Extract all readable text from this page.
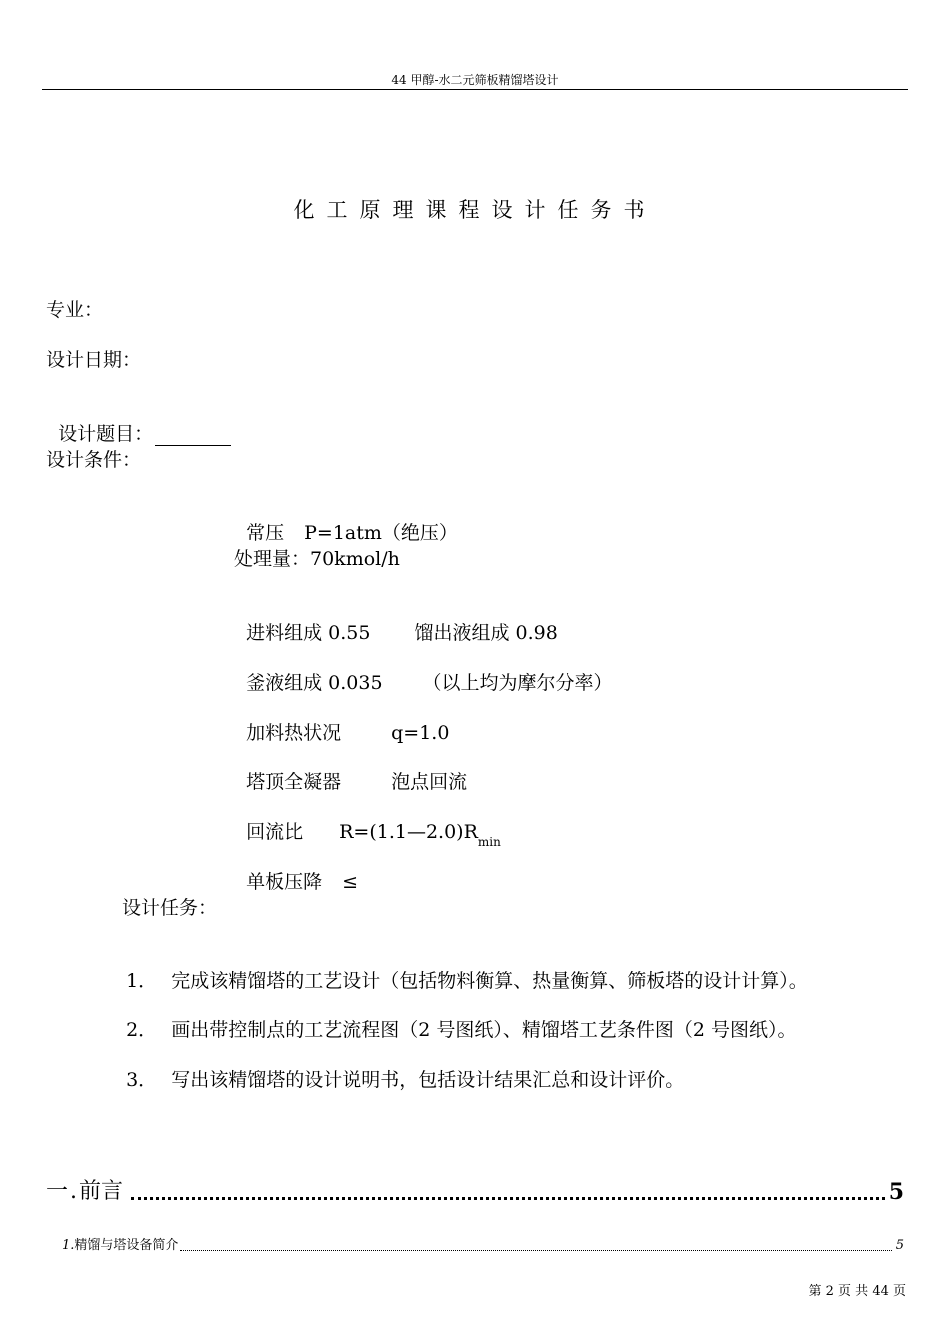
44 甲醇-水二元筛板精馏塔设计
化工原理课程设计任务书
专业：
设计日期：

设计题目：

设计条件：

常压 P=1atm（绝压）

处理量：70kmol/h

进料组成 0.55 馏出液组成 0.98

釜液组成 0.035 （以上均为摩尔分率）

加料热状况	q=1.0

塔顶全凝器	泡点回流

回流比 $R=(1.1—2.0)R_{min}$

单板压降 ≤

设计任务：

1． 完成该精馏塔的工艺设计（包括物料衡算、热量衡算、筛板塔的设计计算）。

2． 画出带控制点的工艺流程图（2 号图纸）、精馏塔工艺条件图（2 号图纸）。

3． 写出该精馏塔的设计说明书，包括设计结果汇总和设计评价。

一.前言	5
1. 精馏与塔设备简介	5
第 2 页 共 44 页
